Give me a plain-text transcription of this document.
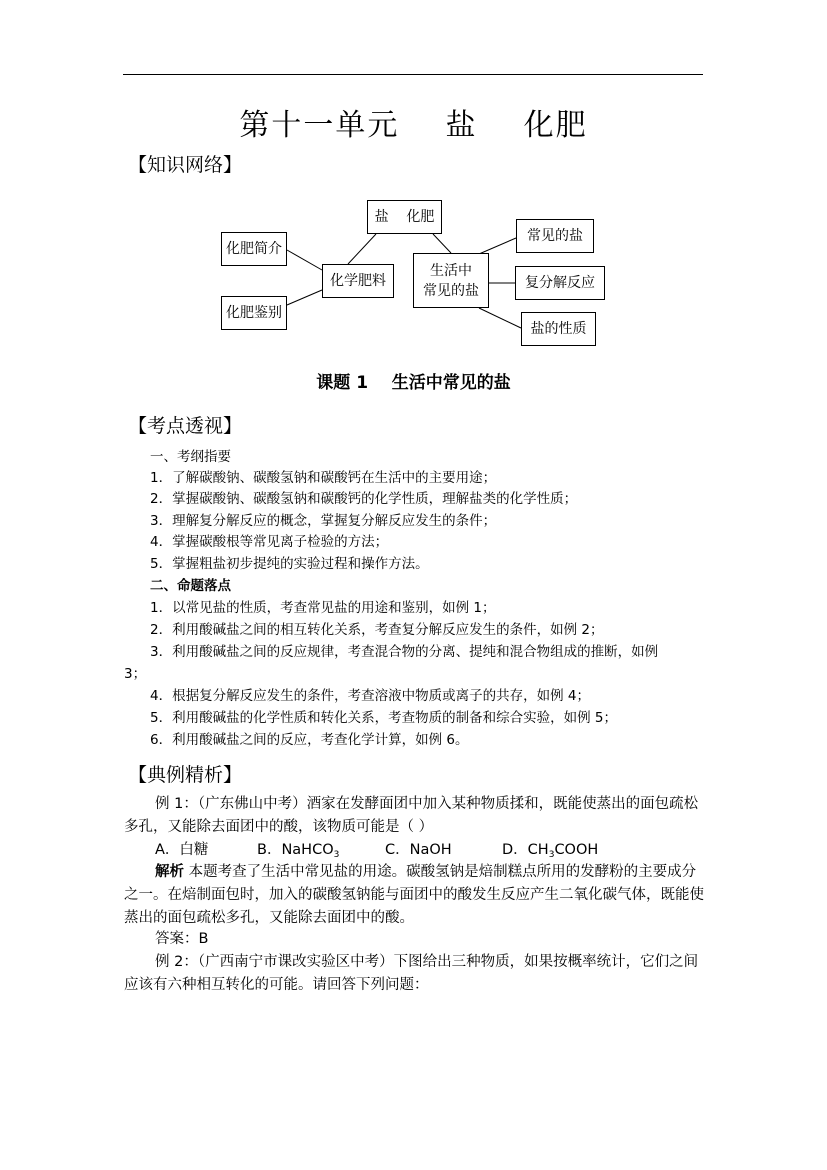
第十一单元    盐    化肥
【知识网络】
盐    化肥
化学肥料
生活中
常见的盐
化肥简介
化肥鉴别
常见的盐
复分解反应
盐的性质
课题 1    生活中常见的盐
【考点透视】
一、考纲指要
1．了解碳酸钠、碳酸氢钠和碳酸钙在生活中的主要用途；
2．掌握碳酸钠、碳酸氢钠和碳酸钙的化学性质，理解盐类的化学性质；
3．理解复分解反应的概念，掌握复分解反应发生的条件；
4．掌握碳酸根等常见离子检验的方法；
5．掌握粗盐初步提纯的实验过程和操作方法。
二、命题落点
1．以常见盐的性质，考查常见盐的用途和鉴别，如例 1；
2．利用酸碱盐之间的相互转化关系，考查复分解反应发生的条件，如例 2；
3．利用酸碱盐之间的反应规律，考查混合物的分离、提纯和混合物组成的推断，如例
3；
4．根据复分解反应发生的条件，考查溶液中物质或离子的共存，如例 4；
5．利用酸碱盐的化学性质和转化关系，考查物质的制备和综合实验，如例 5；
6．利用酸碱盐之间的反应，考查化学计算，如例 6。
【典例精析】
例 1：（广东佛山中考）酒家在发酵面团中加入某种物质揉和，既能使蒸出的面包疏松多孔，又能除去面团中的酸，该物质可能是（ ）
A．白糖	B．NaHCO$_3$	C．NaOH	D．$CH_3COOH$
解析 本题考查了生活中常见盐的用途。碳酸氢钠是焙制糕点所用的发酵粉的主要成分之一。在焙制面包时，加入的碳酸氢钠能与面团中的酸发生反应产生二氧化碳气体，既能使蒸出的面包疏松多孔，又能除去面团中的酸。
答案：B
例 2：（广西南宁市课改实验区中考）下图给出三种物质，如果按概率统计，它们之间应该有六种相互转化的可能。请回答下列问题：
